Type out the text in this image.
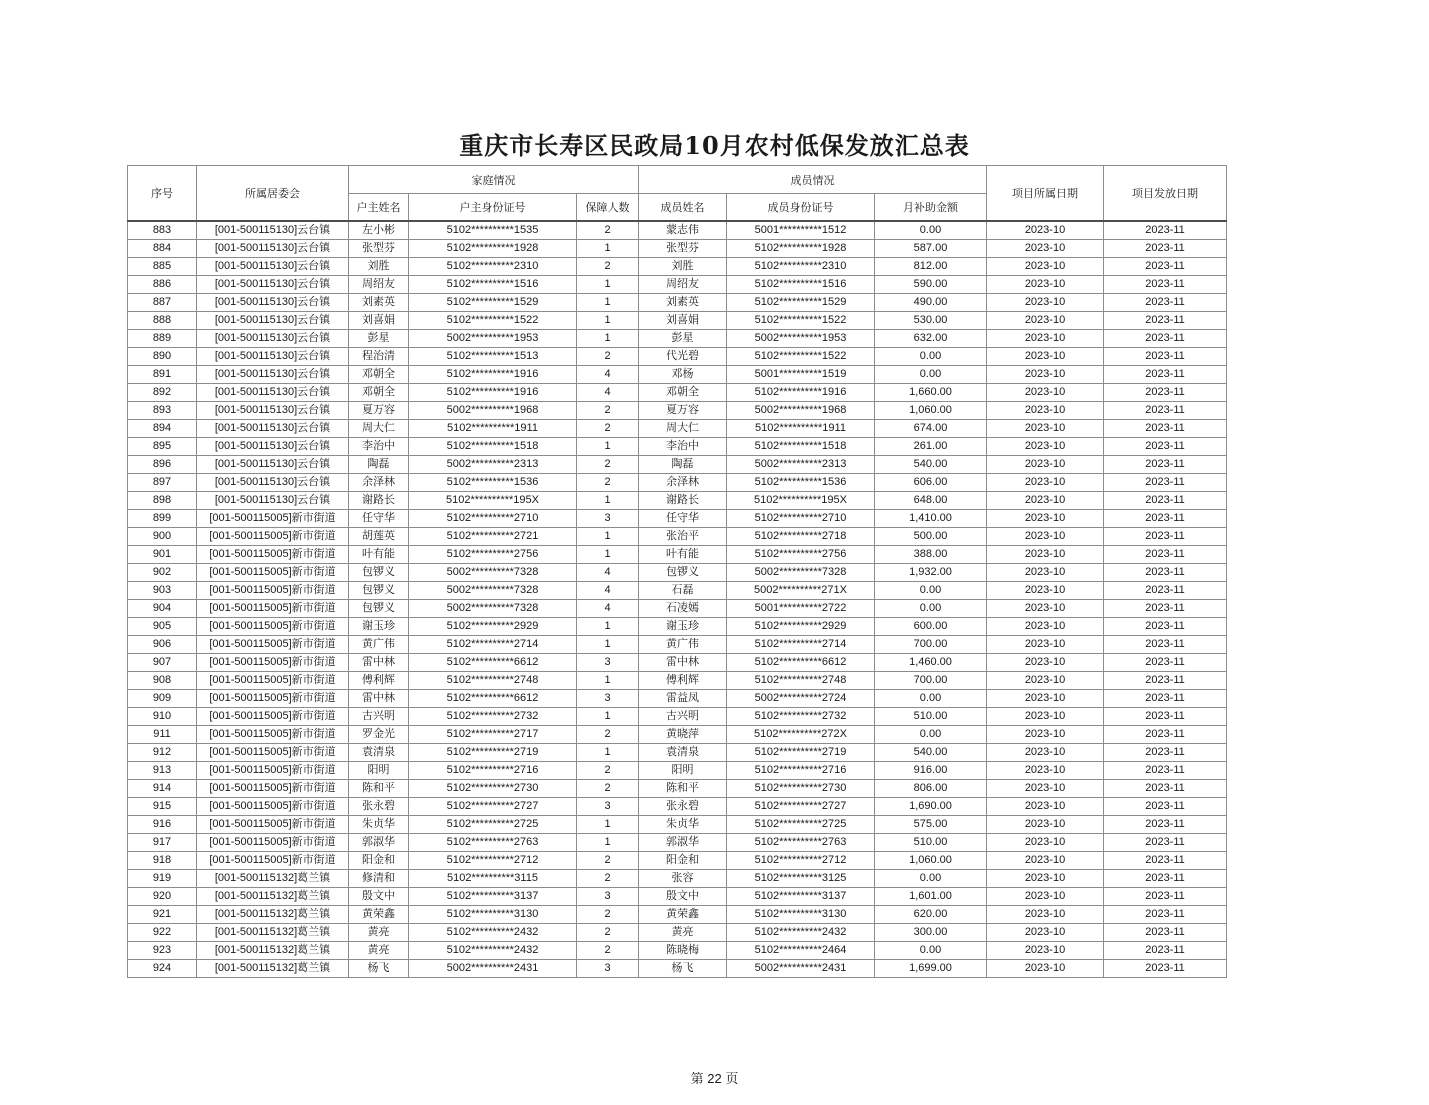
重庆市长寿区民政局10月农村低保发放汇总表
序号	所属居委会	家庭情况			成员情况			项目所属日期	项目发放日期
		户主姓名	户主身份证号	保障人数	成员姓名	成员身份证号	月补助金额		
883	[001-500115130]云台镇	左小彬	5102**********1535	2	蒙志伟	5001**********1512	0.00	2023-10	2023-11
884	[001-500115130]云台镇	张型芬	5102**********1928	1	张型芬	5102**********1928	587.00	2023-10	2023-11
885	[001-500115130]云台镇	刘胜	5102**********2310	2	刘胜	5102**********2310	812.00	2023-10	2023-11
886	[001-500115130]云台镇	周绍友	5102**********1516	1	周绍友	5102**********1516	590.00	2023-10	2023-11
887	[001-500115130]云台镇	刘素英	5102**********1529	1	刘素英	5102**********1529	490.00	2023-10	2023-11
888	[001-500115130]云台镇	刘喜娟	5102**********1522	1	刘喜娟	5102**********1522	530.00	2023-10	2023-11
889	[001-500115130]云台镇	彭星	5002**********1953	1	彭星	5002**********1953	632.00	2023-10	2023-11
890	[001-500115130]云台镇	程治清	5102**********1513	2	代光碧	5102**********1522	0.00	2023-10	2023-11
891	[001-500115130]云台镇	邓朝全	5102**********1916	4	邓杨	5001**********1519	0.00	2023-10	2023-11
892	[001-500115130]云台镇	邓朝全	5102**********1916	4	邓朝全	5102**********1916	1,660.00	2023-10	2023-11
893	[001-500115130]云台镇	夏万容	5002**********1968	2	夏万容	5002**********1968	1,060.00	2023-10	2023-11
894	[001-500115130]云台镇	周大仁	5102**********1911	2	周大仁	5102**********1911	674.00	2023-10	2023-11
895	[001-500115130]云台镇	李治中	5102**********1518	1	李治中	5102**********1518	261.00	2023-10	2023-11
896	[001-500115130]云台镇	陶磊	5002**********2313	2	陶磊	5002**********2313	540.00	2023-10	2023-11
897	[001-500115130]云台镇	余泽林	5102**********1536	2	余泽林	5102**********1536	606.00	2023-10	2023-11
898	[001-500115130]云台镇	谢路长	5102**********195X	1	谢路长	5102**********195X	648.00	2023-10	2023-11
899	[001-500115005]新市街道	任守华	5102**********2710	3	任守华	5102**********2710	1,410.00	2023-10	2023-11
900	[001-500115005]新市街道	胡莲英	5102**********2721	1	张治平	5102**********2718	500.00	2023-10	2023-11
901	[001-500115005]新市街道	叶有能	5102**********2756	1	叶有能	5102**********2756	388.00	2023-10	2023-11
902	[001-500115005]新市街道	包锣义	5002**********7328	4	包锣义	5002**********7328	1,932.00	2023-10	2023-11
903	[001-500115005]新市街道	包锣义	5002**********7328	4	石磊	5002**********271X	0.00	2023-10	2023-11
904	[001-500115005]新市街道	包锣义	5002**********7328	4	石凌嫣	5001**********2722	0.00	2023-10	2023-11
905	[001-500115005]新市街道	谢玉珍	5102**********2929	1	谢玉珍	5102**********2929	600.00	2023-10	2023-11
906	[001-500115005]新市街道	黄广伟	5102**********2714	1	黄广伟	5102**********2714	700.00	2023-10	2023-11
907	[001-500115005]新市街道	雷中林	5102**********6612	3	雷中林	5102**********6612	1,460.00	2023-10	2023-11
908	[001-500115005]新市街道	傅利辉	5102**********2748	1	傅利辉	5102**********2748	700.00	2023-10	2023-11
909	[001-500115005]新市街道	雷中林	5102**********6612	3	雷益凤	5002**********2724	0.00	2023-10	2023-11
910	[001-500115005]新市街道	古兴明	5102**********2732	1	古兴明	5102**********2732	510.00	2023-10	2023-11
911	[001-500115005]新市街道	罗金光	5102**********2717	2	黄晓萍	5102**********272X	0.00	2023-10	2023-11
912	[001-500115005]新市街道	袁清泉	5102**********2719	1	袁清泉	5102**********2719	540.00	2023-10	2023-11
913	[001-500115005]新市街道	阳明	5102**********2716	2	阳明	5102**********2716	916.00	2023-10	2023-11
914	[001-500115005]新市街道	陈和平	5102**********2730	2	陈和平	5102**********2730	806.00	2023-10	2023-11
915	[001-500115005]新市街道	张永碧	5102**********2727	3	张永碧	5102**********2727	1,690.00	2023-10	2023-11
916	[001-500115005]新市街道	朱贞华	5102**********2725	1	朱贞华	5102**********2725	575.00	2023-10	2023-11
917	[001-500115005]新市街道	郭淑华	5102**********2763	1	郭淑华	5102**********2763	510.00	2023-10	2023-11
918	[001-500115005]新市街道	阳金和	5102**********2712	2	阳金和	5102**********2712	1,060.00	2023-10	2023-11
919	[001-500115132]葛兰镇	修清和	5102**********3115	2	张容	5102**********3125	0.00	2023-10	2023-11
920	[001-500115132]葛兰镇	殷文中	5102**********3137	3	殷文中	5102**********3137	1,601.00	2023-10	2023-11
921	[001-500115132]葛兰镇	黄荣鑫	5102**********3130	2	黄荣鑫	5102**********3130	620.00	2023-10	2023-11
922	[001-500115132]葛兰镇	黄亮	5102**********2432	2	黄亮	5102**********2432	300.00	2023-10	2023-11
923	[001-500115132]葛兰镇	黄亮	5102**********2432	2	陈晓梅	5102**********2464	0.00	2023-10	2023-11
924	[001-500115132]葛兰镇	杨飞	5002**********2431	3	杨飞	5002**********2431	1,699.00	2023-10	2023-11
第 22 页
